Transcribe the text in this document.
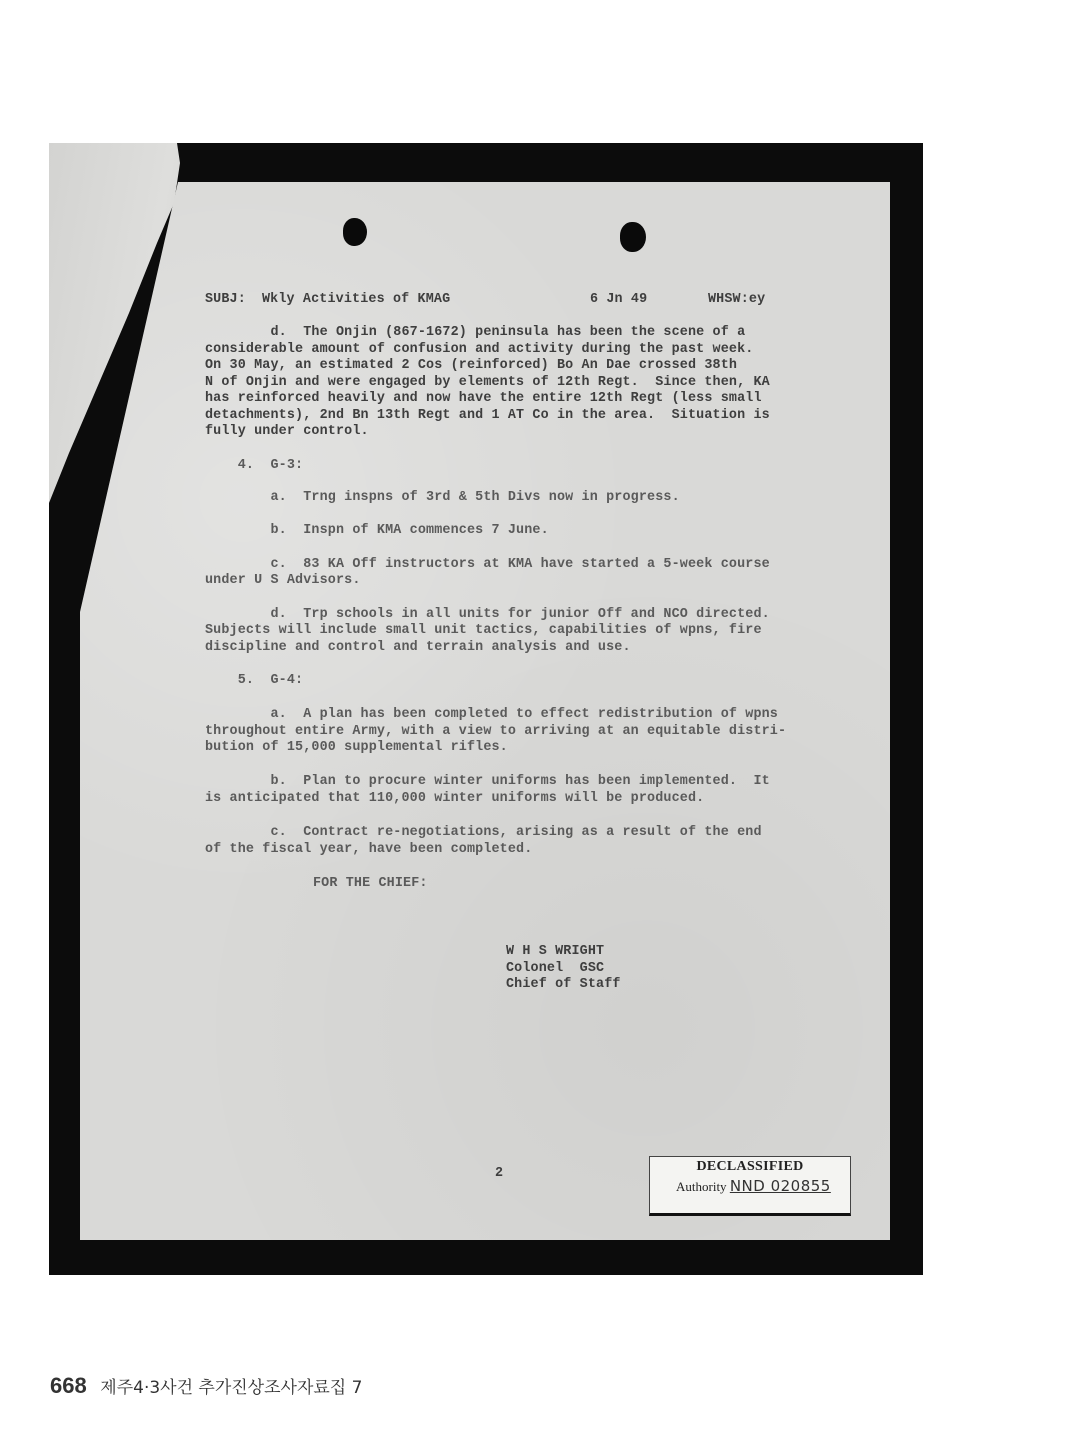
SUBJ: Wkly Activities of KMAG	6 Jn 49	WHSW:ey
d.  The Onjin (867-1672) peninsula has been the scene of a
considerable amount of confusion and activity during the past week.
On 30 May, an estimated 2 Cos (reinforced) Bo An Dae crossed 38th
N of Onjin and were engaged by elements of 12th Regt.  Since then, KA
has reinforced heavily and now have the entire 12th Regt (less small
detachments), 2nd Bn 13th Regt and 1 AT Co in the area.  Situation is
fully under control.
4.  G-3:
a.  Trng inspns of 3rd & 5th Divs now in progress.
b.  Inspn of KMA commences 7 June.
c.  83 KA Off instructors at KMA have started a 5-week course
under U S Advisors.
d.  Trp schools in all units for junior Off and NCO directed.
Subjects will include small unit tactics, capabilities of wpns, fire
discipline and control and terrain analysis and use.
5.  G-4:
a.  A plan has been completed to effect redistribution of wpns
throughout entire Army, with a view to arriving at an equitable distri-
bution of 15,000 supplemental rifles.
b.  Plan to procure winter uniforms has been implemented.  It
is anticipated that 110,000 winter uniforms will be produced.
c.  Contract re-negotiations, arising as a result of the end
of the fiscal year, have been completed.
FOR THE CHIEF:
W H S WRIGHT
Colonel  GSC
Chief of Staff
2	DECLASSIFIED
Authority NND 020855
668 제주4·3사건 추가진상조사자료집 7
